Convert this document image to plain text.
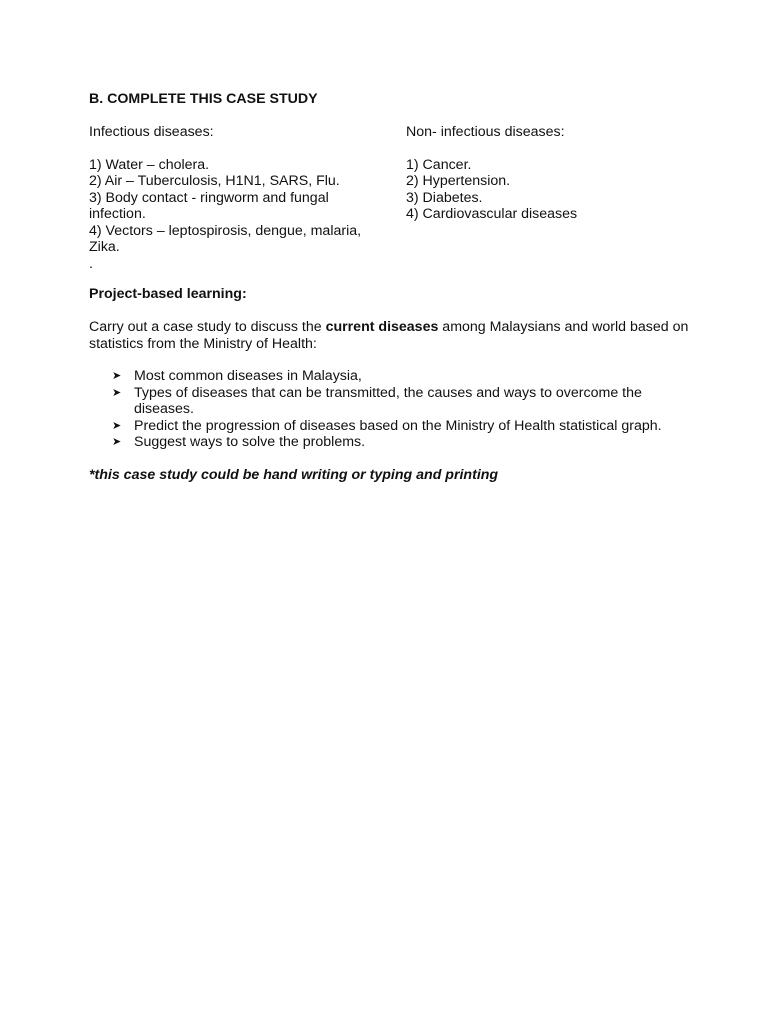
B. COMPLETE THIS CASE STUDY

Infectious diseases:

1) Water – cholera.
2) Air – Tuberculosis, H1N1, SARS, Flu.
3) Body contact - ringworm and fungal infection.
4) Vectors – leptospirosis, dengue, malaria, Zika.

.

Non- infectious diseases:

1) Cancer.
2) Hypertension.
3) Diabetes.
4) Cardiovascular diseases

Project-based learning:

Carry out a case study to discuss the current diseases among Malaysians and world based on statistics from the Ministry of Health:

➤ Most common diseases in Malaysia,
➤ Types of diseases that can be transmitted, the causes and ways to overcome the diseases.
➤ Predict the progression of diseases based on the Ministry of Health statistical graph.
➤ Suggest ways to solve the problems.

*this case study could be hand writing or typing and printing
